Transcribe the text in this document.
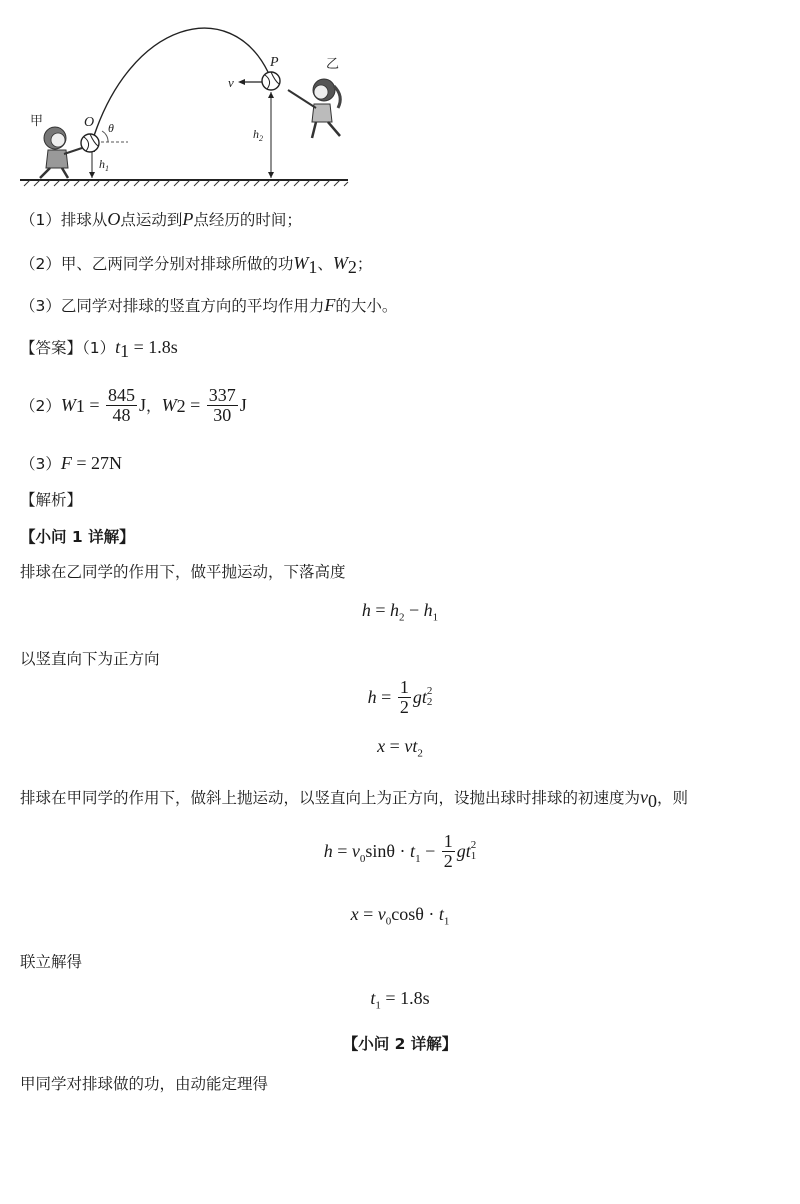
甲
乙
O
P
v
θ
$h_1$
$h_2$
（1）排球从O点运动到P点经历的时间；
（2）甲、乙两同学分别对排球所做的功$W_1$、$W_2$；
（3）乙同学对排球的竖直方向的平均作用力F的大小。
【答案】$(1)t_1 = 1.8s$
（2） W $1 = \frac{845}{48}$ J ， W $2 = \frac{337}{30}$ J
（3）F = 27N
【解析】
【小问 1 详解】
排球在乙同学的作用下，做平抛运动，下落高度
$h = h_2 - h_1$
以竖直向下为正方向
$h = \frac{1}{2}$ gt 2
2
$x = vt_2$
排球在甲同学的作用下，做斜上抛运动，以竖直向上为正方向，设抛出球时排球的初速度为$v_0$，则
$h = v_0$ $\sin\theta \cdot t_1 - \frac{1}{2}$ gt 2
1
$x = v_0\cos\theta \cdot t_1$
联立解得
$t_1 = 1.8s$
【小问 2 详解】
甲同学对排球做的功，由动能定理得
